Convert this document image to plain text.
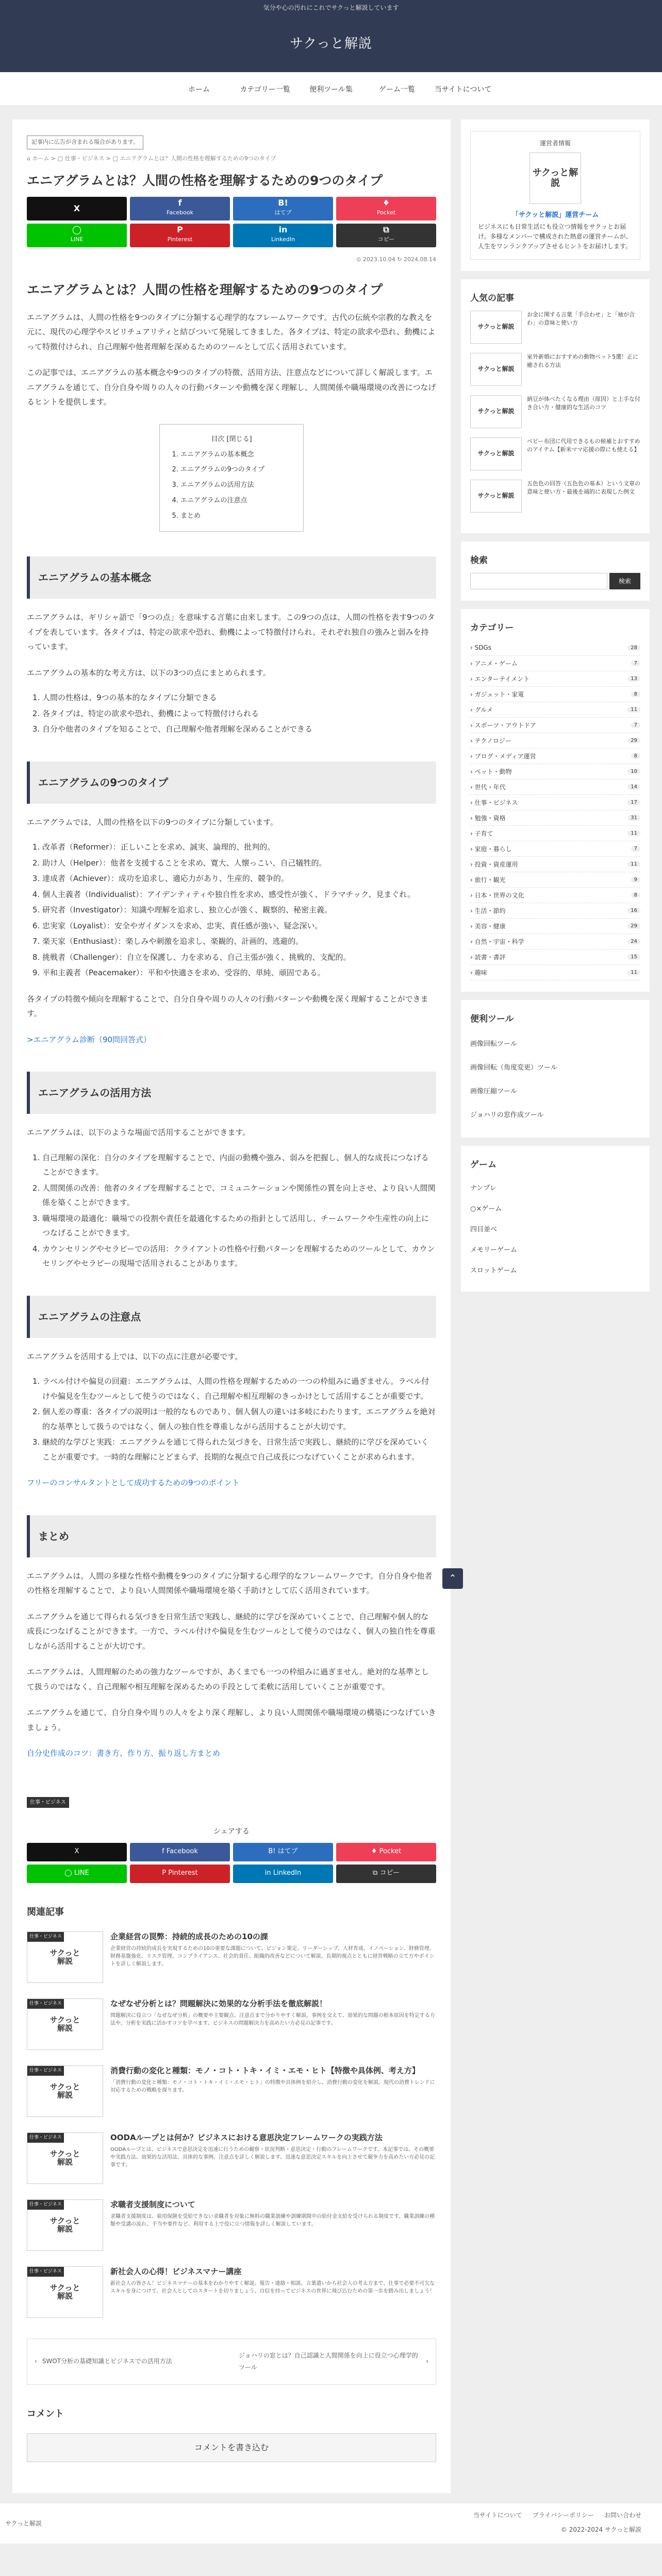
気分や心の汚れにこれでサクっと解説しています
サクっと解説
ホーム	カテゴリー一覧	便利ツール集	ゲーム一覧	当サイトについて
記事内に広告が含まれる場合があります。
⌂ ホーム > □ 仕事・ビジネス > □ エニアグラムとは？人間の性格を理解するための9つのタイプ
エニアグラムとは？人間の性格を理解するための9つのタイプ
X
f
Facebook
B!
はてブ
♦
Pocket
◯
LINE
P
Pinterest
in
LinkedIn
⧉
コピー
⊙ 2023.10.04 ↻ 2024.08.14
エニアグラムとは？人間の性格を理解するための9つのタイプ

エニアグラムは、人間の性格を9つのタイプに分類する心理学的なフレームワークです。古代の伝統や宗教的な教えを元に、現代の心理学やスピリチュアリティと結びついて発展してきました。各タイプは、特定の欲求や恐れ、動機によって特徴付けられ、自己理解や他者理解を深めるためのツールとして広く活用されています。

この記事では、エニアグラムの基本概念や9つのタイプの特徴、活用方法、注意点などについて詳しく解説します。エニアグラムを通じて、自分自身や周りの人々の行動パターンや動機を深く理解し、人間関係や職場環境の改善につなげるヒントを提供します。

目次 [閉じる]
1. エニアグラムの基本概念
2. エニアグラムの9つのタイプ
3. エニアグラムの活用方法
4. エニアグラムの注意点
5. まとめ
エニアグラムの基本概念

エニアグラムは、ギリシャ語で「9つの点」を意味する言葉に由来します。この9つの点は、人間の性格を表す9つのタイプを表しています。各タイプは、特定の欲求や恐れ、動機によって特徴付けられ、それぞれ独自の強みと弱みを持っています。

エニアグラムの基本的な考え方は、以下の3つの点にまとめられます。

1. 人間の性格は、9つの基本的なタイプに分類できる
2. 各タイプは、特定の欲求や恐れ、動機によって特徴付けられる
3. 自分や他者のタイプを知ることで、自己理解や他者理解を深めることができる
エニアグラムの9つのタイプ

エニアグラムでは、人間の性格を以下の9つのタイプに分類しています。

1. 改革者（Reformer）：正しいことを求め、誠実、論理的、批判的。
2. 助け人（Helper）：他者を支援することを求め、寛大、人懐っこい、自己犠牲的。
3. 達成者（Achiever）：成功を追求し、適応力があり、生産的、競争的。
4. 個人主義者（Individualist）：アイデンティティや独自性を求め、感受性が強く、ドラマチック、見まぐれ。
5. 研究者（Investigator）：知識や理解を追求し、独立心が強く、観察的、秘密主義。
6. 忠実家（Loyalist）：安全やガイダンスを求め、忠実、責任感が強い、疑念深い。
7. 楽天家（Enthusiast）：楽しみや刺激を追求し、楽観的、計画的、逃避的。
8. 挑戦者（Challenger）：自立を保護し、力を求める、自己主張が強く、挑戦的、支配的。
9. 平和主義者（Peacemaker）：平和や快適さを求め、受容的、単純、頑固である。

各タイプの特徴や傾向を理解することで、自分自身や周りの人々の行動パターンや動機を深く理解することができます。

>エニアグラム診断（90問回答式）

エニアグラムの活用方法

エニアグラムは、以下のような場面で活用することができます。

1. 自己理解の深化：自分のタイプを理解することで、内面の動機や強み、弱みを把握し、個人的な成長につなげることができます。
2. 人間関係の改善：他者のタイプを理解することで、コミュニケーションや関係性の質を向上させ、より良い人間関係を築くことができます。
3. 職場環境の最適化：職場での役割や責任を最適化するための指針として活用し、チームワークや生産性の向上につなげることができます。
4. カウンセリングやセラピーでの活用：クライアントの性格や行動パターンを理解するためのツールとして、カウンセリングやセラピーの現場で活用されることがあります。
エニアグラムの注意点

エニアグラムを活用する上では、以下の点に注意が必要です。

1. ラベル付けや偏見の回避：エニアグラムは、人間の性格を理解するための一つの枠組みに過ぎません。ラベル付けや偏見を生むツールとして使うのではなく、自己理解や相互理解のきっかけとして活用することが重要です。
2. 個人差の尊重：各タイプの説明は一般的なものであり、個人個人の違いは多岐にわたります。エニアグラムを絶対的な基準として扱うのではなく、個人の独自性を尊重しながら活用することが大切です。
3. 継続的な学びと実践：エニアグラムを通じて得られた気づきを、日常生活で実践し、継続的に学びを深めていくことが重要です。一時的な理解にとどまらず、長期的な視点で自己成長につなげていくことが求められます。

フリーのコンサルタントとして成功するための9つのポイント

まとめ

エニアグラムは、人間の多様な性格や動機を9つのタイプに分類する心理学的なフレームワークです。自分自身や他者の性格を理解することで、より良い人間関係や職場環境を築く手助けとして広く活用されています。

エニアグラムを通じて得られる気づきを日常生活で実践し、継続的に学びを深めていくことで、自己理解や個人的な成長につなげることができます。一方で、ラベル付けや偏見を生むツールとして使うのではなく、個人の独自性を尊重しながら活用することが大切です。

エニアグラムは、人間理解のための強力なツールですが、あくまでも一つの枠組みに過ぎません。絶対的な基準として扱うのではなく、自己理解や相互理解を深めるための手段として柔軟に活用していくことが重要です。

エニアグラムを通じて、自分自身や周りの人々をより深く理解し、より良い人間関係や職場環境の構築につなげていきましょう。

自分史作成のコツ：書き方、作り方、振り返し方まとめ

仕事・ビジネス
シェアする
X	f Facebook	B! はてブ	♦ Pocket
◯ LINE	P Pinterest	in LinkedIn	⧉ コピー
関連記事
仕事・ビジネス
サクっと解説
企業経営の罠弊：持続的成長のための10の課
企業経営の持続的成長を実現するための10の重要な課題について、ビジョン策定、リーダーシップ、人材育成、イノベーション、財務管理、財務基盤強化、リスク管理、コンプライアンス、社会的責任、組織的改善などについて解説。長期的視点とともに経営戦略の立て方やポイントを詳しく解説します。
仕事・ビジネス
サクっと解説
なぜなぜ分析とは？問題解決に効果的な分析手法を徹底解説！
問題解決に役立つ「なぜなぜ分析」の概要や主要観点、注意点まで分かりやすく解説。事例を交えて、効果的な問題の根本原因を特定する方法や、分析を実践に活かすコツを学べます。ビジネスの問題解決力を高めたい方必見の記事です。
仕事・ビジネス
サクっと解説
消費行動の変化と種類：モノ・コト・トキ・イミ・エモ・ヒト【特徴や具体例、考え方】
「消費行動の変化と種類：モノ・コト・トキ・イミ・エモ・ヒト」の特徴や具体例を紹介し、消費行動の変化を解説。現代の消費トレンドに対応するための戦略を探ります。
仕事・ビジネス
サクっと解説
OODAループとは何か？ビジネスにおける意思決定フレームワークの実践方法
OODAループとは、ビジネスで意思決定を迅速に行うための観察・状況判断・意思決定・行動のフレームワークです。本記事では、その概要や実践方法、効果的な活用法、具体的な事例、注意点を詳しく解説します。迅速な意思決定スキルを向上させて競争力を高めたい方必見の記事です。
仕事・ビジネス
サクっと解説
求職者支援制度について
求職者支援制度は、雇用保険を受給できない求職者を対象に無料の職業訓練や訓練期間中の給付金支給を受けられる制度です。職業訓練の種類や受講の流れ、手当や要件など、利用する上で役に立つ情報を詳しく解説しています。
仕事・ビジネス
サクっと解説
新社会人の心得！ビジネスマナー講座
新社会人の皆さん！ビジネスマナーの基本をわかりやすく解説。報告・連絡・相談、言葉遣いから社会人の考え方まで、仕事で必要不可欠なスキルを身につけて、社会人としてのスタートを切りましょう。自信を持ってビジネスの世界に飛び込むための第一歩を踏み出しましょう！
‹ SWOT分析の基礎知識とビジネスでの活用方法
ジョハリの窓とは？自己認識と人間関係を向上に役立つ心理学的ツール
›
コメント
コメントを書き込む
⌃
運営者情報
サクっと解説
「サクッと解説」運営チーム
ビジネスにも日常生活にも役立つ情報をサクッとお届け。多様なメンバーで構成された熱意の運営チームが、人生をワンランクアップさせるヒントをお届けします。
人気の記事
サクっと解説
お金に関する言葉「手合わせ」と「袖が合わ」の意味と使い方
サクっと解説
室外新婚におすすめの動物ペット5選！正に癒される方法
サクっと解説
納豆が体べたくなる理由（原因）と上手な付き合い方・健康的な生活のコツ
サクっと解説
ベビー布団に代用できるもの候補とおすすめのアイテム【新米ママ応援の際にも使える】
サクっと解説
五色色の回答（五色色の基本）という文章の意味と使い方・最後を端的に表現した例文
検索
検索
カテゴリー
› SDGs	28
› アニメ・ゲーム	7
› エンターテイメント	13
› ガジェット・家電	8
› グルメ	11
› スポーツ・アウトドア	7
› テクノロジー	29
› ブログ・メディア運営	8
› ペット・動物	10
› 世代・年代	14
› 仕事・ビジネス	17
› 勉強・資格	31
› 子育て	11
› 家庭・暮らし	7
› 投資・資産運用	11
› 旅行・観光	9
› 日本・世界の文化	8
› 生活・節約	16
› 美容・健康	29
› 自然・宇宙・科学	24
› 読書・書評	15
› 趣味	11
便利ツール
画像回転ツール
画像回転（角度変更）ツール
画像圧縮ツール
ジョハリの窓作成ツール
ゲーム
ナンプレ
○×ゲーム
四目並べ
メモリーゲーム
スロットゲーム
サクっと解説
当サイトについて プライバシーポリシー お問い合わせ
© 2022-2024 サクっと解説
